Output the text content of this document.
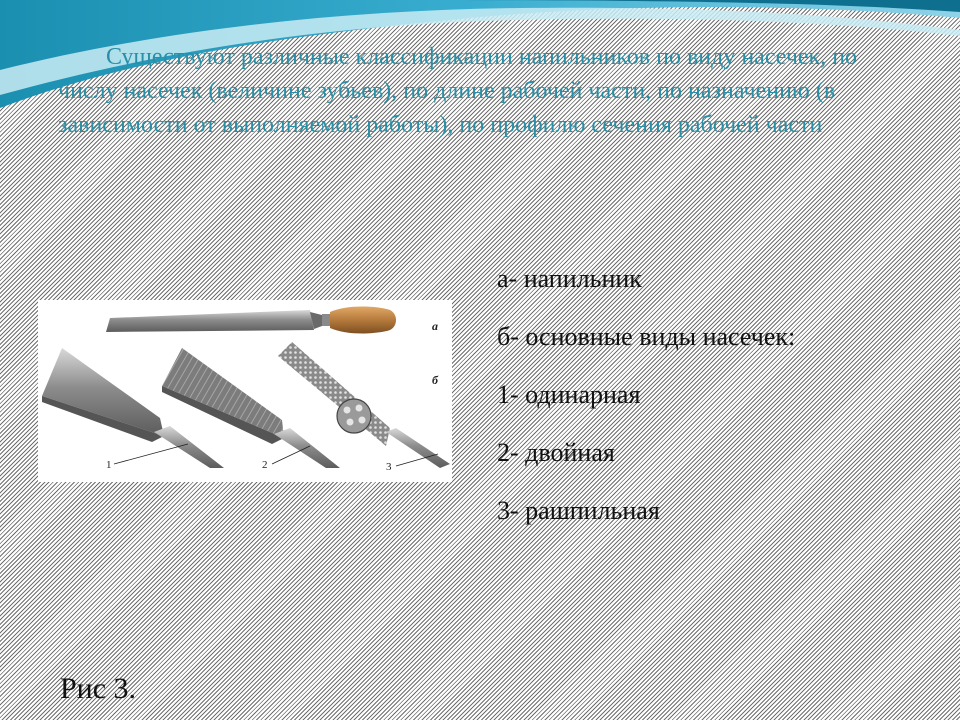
Существуют различные классификации напильников по виду насечек, по числу насечек (величине зубьев), по длине рабочей части, по назначению (в зависимости от выполняемой работы), по профилю сечения рабочей части

а
б
1	2	3
а- напильник
б- основные виды насечек:
1- одинарная
2- двойная
3- рашпильная

Рис 3.
